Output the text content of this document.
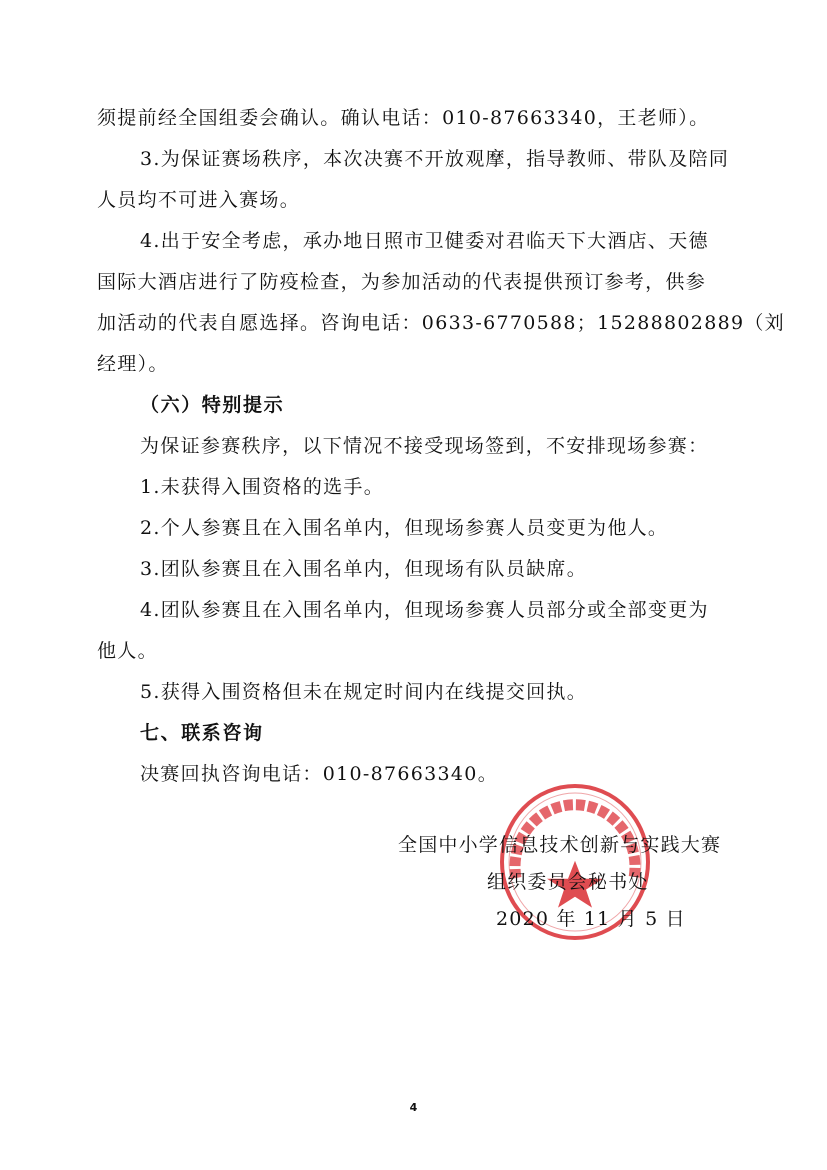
须提前经全国组委会确认。确认电话：010-87663340，王老师）。
3.为保证赛场秩序，本次决赛不开放观摩，指导教师、带队及陪同
人员均不可进入赛场。
4.出于安全考虑，承办地日照市卫健委对君临天下大酒店、天德
国际大酒店进行了防疫检查，为参加活动的代表提供预订参考，供参
加活动的代表自愿选择。咨询电话：0633-6770588；15288802889（刘
经理）。
（六）特别提示
为保证参赛秩序，以下情况不接受现场签到，不安排现场参赛：
1.未获得入围资格的选手。
2.个人参赛且在入围名单内，但现场参赛人员变更为他人。
3.团队参赛且在入围名单内，但现场有队员缺席。
4.团队参赛且在入围名单内，但现场参赛人员部分或全部变更为
他人。
5.获得入围资格但未在规定时间内在线提交回执。
七、联系咨询
决赛回执咨询电话：010-87663340。
全国中小学信息技术创新与实践大赛
组织委员会秘书处
2020 年 11 月 5 日
4
